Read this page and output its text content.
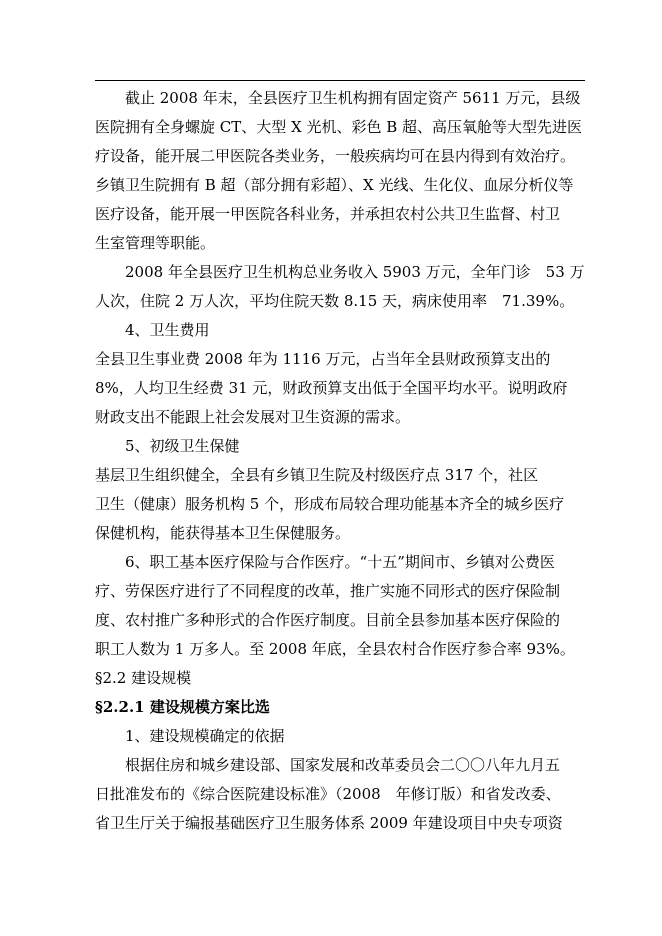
截止 2008 年末，全县医疗卫生机构拥有固定资产 5611 万元，县级
医院拥有全身螺旋 CT、大型 X 光机、彩色 B 超、高压氧舱等大型先进医
疗设备，能开展二甲医院各类业务，一般疾病均可在县内得到有效治疗。
乡镇卫生院拥有 B 超（部分拥有彩超）、X 光线、生化仪、血尿分析仪等
医疗设备，能开展一甲医院各科业务，并承担农村公共卫生监督、村卫
生室管理等职能。
2008 年全县医疗卫生机构总业务收入 5903 万元，全年门诊　53 万
人次，住院 2 万人次，平均住院天数 8.15 天，病床使用率　71.39%。
4、卫生费用
全县卫生事业费 2008 年为 1116 万元，占当年全县财政预算支出的
8%，人均卫生经费 31 元，财政预算支出低于全国平均水平。说明政府
财政支出不能跟上社会发展对卫生资源的需求。
5、初级卫生保健
基层卫生组织健全，全县有乡镇卫生院及村级医疗点 317 个，社区
卫生（健康）服务机构 5 个，形成布局较合理功能基本齐全的城乡医疗
保健机构，能获得基本卫生保健服务。
6、职工基本医疗保险与合作医疗。“十五”期间市、乡镇对公费医
疗、劳保医疗进行了不同程度的改革，推广实施不同形式的医疗保险制
度、农村推广多种形式的合作医疗制度。目前全县参加基本医疗保险的
职工人数为 1 万多人。至 2008 年底，全县农村合作医疗参合率 93%。
§2.2 建设规模
§2.2.1 建设规模方案比选
1、建设规模确定的依据
根据住房和城乡建设部、国家发展和改革委员会二〇〇八年九月五
日批准发布的《综合医院建设标准》（2008　年修订版）和省发改委、
省卫生厅关于编报基础医疗卫生服务体系 2009 年建设项目中央专项资
